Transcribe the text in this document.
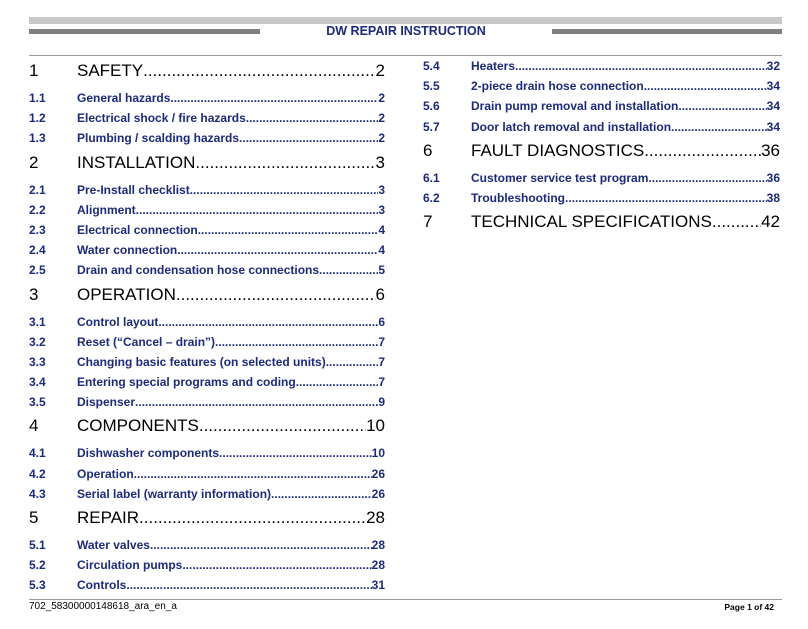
DW REPAIR INSTRUCTION
1	SAFETY .....	2
1.1	General hazards .....	2
1.2	Electrical shock / fire hazards .....	2
1.3	Plumbing / scalding hazards .....	2
2	INSTALLATION .....	3
2.1	Pre-Install checklist .....	3
2.2	Alignment .....	3
2.3	Electrical connection .....	4
2.4	Water connection .....	4
2.5	Drain and condensation hose connections .....	5
3	OPERATION .....	6
3.1	Control layout .....	6
3.2	Reset (“Cancel – drain”) .....	7
3.3	Changing basic features (on selected units) .....	7
3.4	Entering special programs and coding .....	7
3.5	Dispenser .....	9
4	COMPONENTS .....	10
4.1	Dishwasher components .....	10
4.2	Operation .....	26
4.3	Serial label (warranty information) .....	26
5	REPAIR .....	28
5.1	Water valves .....	28
5.2	Circulation pumps .....	28
5.3	Controls .....	31
5.4	Heaters .....	32
5.5	2-piece drain hose connection .....	34
5.6	Drain pump removal and installation .....	34
5.7	Door latch removal and installation .....	34
6	FAULT DIAGNOSTICS .....	36
6.1	Customer service test program .....	36
6.2	Troubleshooting .....	38
7	TECHNICAL SPECIFICATIONS .....	42
702_58300000148618_ara_en_a	Page 1 of 42
